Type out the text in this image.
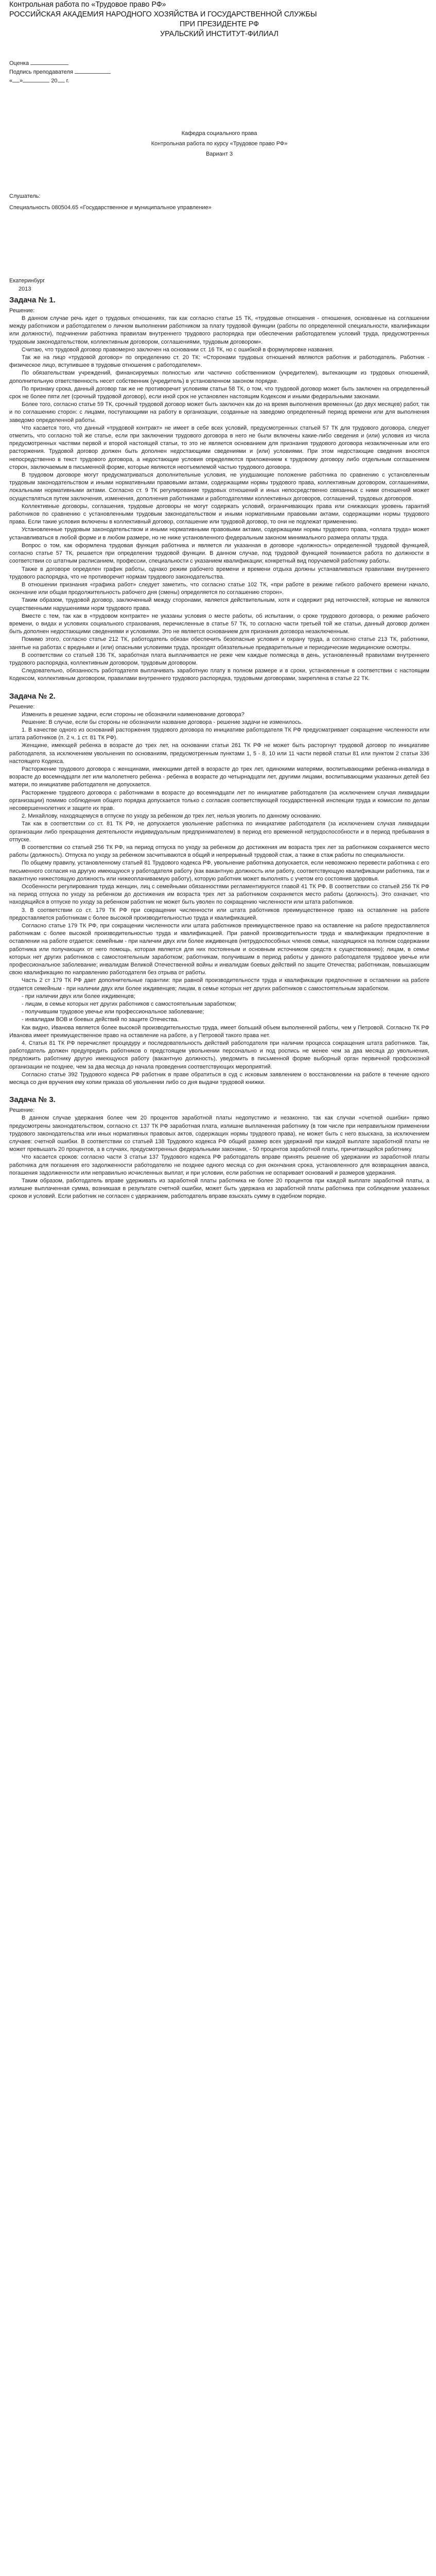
Контрольная работа по «Трудовое право РФ»

РОССИЙСКАЯ АКАДЕМИЯ НАРОДНОГО ХОЗЯЙСТВА И ГОСУДАРСТВЕННОЙ СЛУЖБЫ

ПРИ ПРЕЗИДЕНТЕ РФ

УРАЛЬСКИЙ ИНСТИТУТ-ФИЛИАЛ

Оценка

Подпись преподавателя

« »	20 г.

Кафедра социального права

Контрольная работа по курсу «Трудовое право РФ»

Вариант 3

Слушатель:

Специальность 080504.65 «Государственное и муниципальное управление»

Екатеринбург

2013

Задача № 1.

Решение:

В данном случае речь идет о трудовых отношениях, так как согласно статье 15 ТК, «трудовые отношения - отношения, основанные на соглашении между работником и работодателем о личном выполнении работником за плату трудовой функции (работы по определенной специальности, квалификации или должности), подчинении работника правилам внутреннего трудового распорядка при обеспечении работодателем условий труда, предусмотренных трудовым законодательством, коллективным договором, соглашениями, трудовым договором».

Считаю, что трудовой договор правомерно заключен на основании ст. 16 ТК, но с ошибкой в формулировке названия.

Так же на лицо «трудовой договор» по определению ст. 20 ТК: «Сторонами трудовых отношений являются работник и работодатель. Работник - физическое лицо, вступившее в трудовые отношения с работодателем».

По обязательствам учреждений, финансируемых полностью или частично собственником (учредителем), вытекающим из трудовых отношений, дополнительную ответственность несет собственник (учредитель) в установленном законом порядке.

По признаку срока, данный договор так же не противоречит условиям статьи 58 ТК, о том, что трудовой договор может быть заключен на определенный срок не более пяти лет (срочный трудовой договор), если иной срок не установлен настоящим Кодексом и иными федеральными законами.

Более того, согласно статье 59 ТК, срочный трудовой договор может быть заключен как до на время выполнения временных (до двух месяцев) работ, так и по соглашению сторон: с лицами, поступающими на работу в организации, созданные на заведомо определенный период времени или для выполнения заведомо определенной работы.

Что касается того, что данный «трудовой контракт» не имеет в себе всех условий, предусмотренных статьей 57 ТК для трудового договора, следует отметить, что согласно той же статье, если при заключении трудового договора в него не были включены какие-либо сведения и (или) условия из числа предусмотренных частями первой и второй настоящей статьи, то это не является основанием для признания трудового договора незаключенным или его расторжения. Трудовой договор должен быть дополнен недостающими сведениями и (или) условиями. При этом недостающие сведения вносятся непосредственно в текст трудового договора, а недостающие условия определяются приложением к трудовому договору либо отдельным соглашением сторон, заключаемым в письменной форме, которые являются неотъемлемой частью трудового договора.

В трудовом договоре могут предусматриваться дополнительные условия, не ухудшающие положение работника по сравнению с установленным трудовым законодательством и иными нормативными правовыми актами, содержащими нормы трудового права, коллективным договором, соглашениями, локальными нормативными актами. Согласно ст. 9 ТК регулирование трудовых отношений и иных непосредственно связанных с ними отношений может осуществляться путем заключения, изменения, дополнения работниками и работодателями коллективных договоров, соглашений, трудовых договоров.

Коллективные договоры, соглашения, трудовые договоры не могут содержать условий, ограничивающих права или снижающих уровень гарантий работников по сравнению с установленными трудовым законодательством и иными нормативными правовыми актами, содержащими нормы трудового права. Если такие условия включены в коллективный договор, соглашение или трудовой договор, то они не подлежат применению.

Установленные трудовым законодательством и иными нормативными правовыми актами, содержащими нормы трудового права, «оплата труда» может устанавливаться в любой форме и в любом размере, но не ниже установленного федеральным законом минимального размера оплаты труда.

Вопрос о том, как оформлена трудовая функция работника и является ли указанная в договоре «должность» определенной трудовой функцией, согласно статье 57 ТК, решается при определении трудовой функции. В данном случае, под трудовой функцией понимается работа по должности в соответствии со штатным расписанием, профессии, специальности с указанием квалификации; конкретный вид поручаемой работнику работы.

Также в договоре определен график работы, однако режим рабочего времени и времени отдыха должны устанавливаться правилами внутреннего трудового распорядка, что не противоречит нормам трудового законодательства.

В отношении признания «графика работ» следует заметить, что согласно статье 102 ТК, «при работе в режиме гибкого рабочего времени начало, окончание или общая продолжительность рабочего дня (смены) определяется по соглашению сторон».

Таким образом, трудовой договор, заключенный между сторонами, является действительным, хотя и содержит ряд неточностей, которые не являются существенными нарушениями норм трудового права.

Вместе с тем, так как в «трудовом контракте» не указаны условия о месте работы, об испытании, о сроке трудового договора, о режиме рабочего времени, о видах и условиях социального страхования, перечисленные в статье 57 ТК, то согласно части третьей той же статьи, данный договор должен быть дополнен недостающими сведениями и условиями. Это не является основанием для признания договора незаключенным.

Помимо этого, согласно статье 212 ТК, работодатель обязан обеспечить безопасные условия и охрану труда, а согласно статье 213 ТК, работники, занятые на работах с вредными и (или) опасными условиями труда, проходят обязательные предварительные и периодические медицинские осмотры.

В соответствии со статьей 136 ТК, заработная плата выплачивается не реже чем каждые полмесяца в день, установленный правилами внутреннего трудового распорядка, коллективным договором, трудовым договором.

Следовательно, обязанность работодателя выплачивать заработную плату в полном размере и в сроки, установленные в соответствии с настоящим Кодексом, коллективным договором, правилами внутреннего трудового распорядка, трудовыми договорами, закреплена в статье 22 ТК.

Задача № 2.

Решение:

Изменить в решение задачи, если стороны не обозначили наименование договора?

Решение: В случае, если бы стороны не обозначили название договора - решение задачи не изменилось.

1. В качестве одного из оснований расторжения трудового договора по инициативе работодателя ТК РФ предусматривает сокращение численности или штата работников (п. 2 ч. 1 ст. 81 ТК РФ).

Женщине, имеющей ребенка в возрасте до трех лет, на основании статьи 261 ТК РФ не может быть расторгнут трудовой договор по инициативе работодателя, за исключением увольнения по основаниям, предусмотренным пунктами 1, 5 - 8, 10 или 11 части первой статьи 81 или пунктом 2 статьи 336 настоящего Кодекса.

Расторжение трудового договора с женщинами, имеющими детей в возрасте до трех лет, одинокими матерями, воспитывающими ребенка-инвалида в возрасте до восемнадцати лет или малолетнего ребенка - ребенка в возрасте до четырнадцати лет, другими лицами, воспитывающими указанных детей без матери, по инициативе работодателя не допускается.

Расторжение трудового договора с работниками в возрасте до восемнадцати лет по инициативе работодателя (за исключением случая ликвидации организации) помимо соблюдения общего порядка допускается только с согласия соответствующей государственной инспекции труда и комиссии по делам несовершеннолетних и защите их прав.

2. Михайлову, находящемуся в отпуске по уходу за ребенком до трех лет, нельзя уволить по данному основанию.

Так как в соответствии со ст. 81 ТК РФ, не допускается увольнение работника по инициативе работодателя (за исключением случая ликвидации организации либо прекращения деятельности индивидуальным предпринимателем) в период его временной нетрудоспособности и в период пребывания в отпуске.

В соответствии со статьей 256 ТК РФ, на период отпуска по уходу за ребенком до достижения им возраста трех лет за работником сохраняется место работы (должность). Отпуска по уходу за ребенком засчитываются в общий и непрерывный трудовой стаж, а также в стаж работы по специальности.

По общему правилу, установленному статьей 81 Трудового кодекса РФ, увольнение работника допускается, если невозможно перевести работника с его письменного согласия на другую имеющуюся у работодателя работу (как вакантную должность или работу, соответствующую квалификации работника, так и вакантную нижестоящую должность или нижеоплачиваемую работу), которую работник может выполнять с учетом его состояния здоровья.

Особенности регулирования труда женщин, лиц с семейными обязанностями регламентируются главой 41 ТК РФ. В соответствии со статьей 256 ТК РФ на период отпуска по уходу за ребенком до достижения им возраста трех лет за работником сохраняется место работы (должность). Это означает, что находящийся в отпуске по уходу за ребенком работник не может быть уволен по сокращению численности или штата работников.

3. В соответствии со ст. 179 ТК РФ при сокращении численности или штата работников преимущественное право на оставление на работе предоставляется работникам с более высокой производительностью труда и квалификацией.

Согласно статье 179 ТК РФ, при сокращении численности или штата работников преимущественное право на оставление на работе предоставляется работникам с более высокой производительностью труда и квалификацией. При равной производительности труда и квалификации предпочтение в оставлении на работе отдается: семейным - при наличии двух или более иждивенцев (нетрудоспособных членов семьи, находящихся на полном содержании работника или получающих от него помощь, которая является для них постоянным и основным источником средств к существованию); лицам, в семье которых нет других работников с самостоятельным заработком; работникам, получившим в период работы у данного работодателя трудовое увечье или профессиональное заболевание; инвалидам Великой Отечественной войны и инвалидам боевых действий по защите Отечества; работникам, повышающим свою квалификацию по направлению работодателя без отрыва от работы.

Часть 2 ст 179 ТК РФ дает дополнительные гарантии: при равной производительности труда и квалификации предпочтение в оставлении на работе отдается семейным - при наличии двух или более иждивенцев; лицам, в семье которых нет других работников с самостоятельным заработком.

- при наличии двух или более иждивенцев;

- лицам, в семье которых нет других работников с самостоятельным заработком;

- получившим трудовое увечье или профессиональное заболевание;

- инвалидам ВОВ и боевых действий по защите Отечества.

Как видно, Иванова является более высокой производительностью труда, имеет больший объем выполненной работы, чем у Петровой. Согласно ТК РФ Иванова имеет преимущественное право на оставление на работе, а у Петровой такого права нет.

4. Статья 81 ТК РФ перечисляет процедуру и последовательность действий работодателя при наличии процесса сокращения штата работников. Так, работодатель должен предупредить работников о предстоящем увольнении персонально и под роспись не менее чем за два месяца до увольнения, предложить работнику другую имеющуюся работу (вакантную должность), уведомить в письменной форме выборный орган первичной профсоюзной организации не позднее, чем за два месяца до начала проведения соответствующих мероприятий.

Согласно статье 392 Трудового кодекса РФ работник в праве обратиться в суд с исковым заявлением о восстановлении на работе в течение одного месяца со дня вручения ему копии приказа об увольнении либо со дня выдачи трудовой книжки.

Задача № 3.

Решение:

В данном случае удержания более чем 20 процентов заработной платы недопустимо и незаконно, так как случаи «счетной ошибки» прямо предусмотрены законодательством, согласно ст. 137 ТК РФ заработная плата, излишне выплаченная работнику (в том числе при неправильном применении трудового законодательства или иных нормативных правовых актов, содержащих нормы трудового права), не может быть с него взыскана, за исключением случаев: счетной ошибки. В соответствии со статьей 138 Трудового кодекса РФ общий размер всех удержаний при каждой выплате заработной платы не может превышать 20 процентов, а в случаях, предусмотренных федеральными законами, - 50 процентов заработной платы, причитающейся работнику.

Что касается сроков: согласно части 3 статьи 137 Трудового кодекса РФ работодатель вправе принять решение об удержании из заработной платы работника для погашения его задолженности работодателю не позднее одного месяца со дня окончания срока, установленного для возвращения аванса, погашения задолженности или неправильно исчисленных выплат, и при условии, если работник не оспаривает оснований и размеров удержания.

Таким образом, работодатель вправе удерживать из заработной платы работника не более 20 процентов при каждой выплате заработной платы, а излишне выплаченная сумма, возникшая в результате счетной ошибки, может быть удержана из заработной платы работника при соблюдении указанных сроков и условий. Если работник не согласен с удержанием, работодатель вправе взыскать сумму в судебном порядке.
